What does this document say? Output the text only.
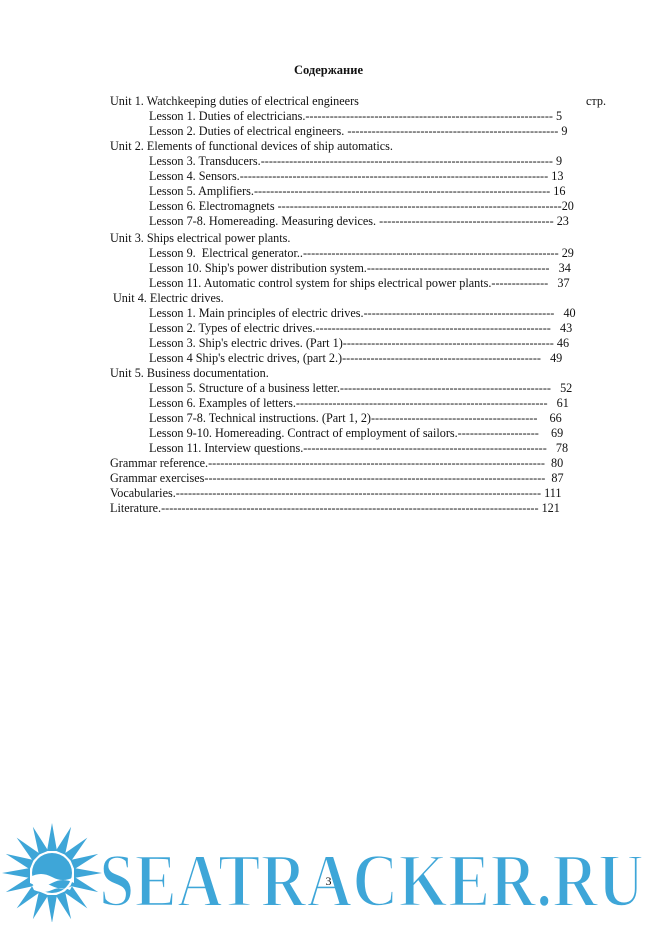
Содержание
Unit 1. Watchkeeping duties of electrical engineers	стр.
Lesson 1. Duties of electricians.------------------------------------------------------------- 5
Lesson 2. Duties of electrical engineers. ---------------------------------------------------- 9
Unit 2. Elements of functional devices of ship automatics.
Lesson 3. Transducers.------------------------------------------------------------------------ 9
Lesson 4. Sensors.---------------------------------------------------------------------------- 13
Lesson 5. Amplifiers.------------------------------------------------------------------------- 16
Lesson 6. Electromagnets ----------------------------------------------------------------------20
Lesson 7-8. Homereading. Measuring devices. ------------------------------------------- 23
Unit 3. Ships electrical power plants.
Lesson 9.  Electrical generator..--------------------------------------------------------------- 29
Lesson 10. Ship's power distribution system.---------------------------------------------   34
Lesson 11. Automatic control system for ships electrical power plants.--------------   37
Unit 4. Electric drives.
Lesson 1. Main principles of electric drives.-----------------------------------------------   40
Lesson 2. Types of electric drives.----------------------------------------------------------   43
Lesson 3. Ship's electric drives. (Part 1)---------------------------------------------------- 46
Lesson 4 Ship's electric drives, (part 2.)-------------------------------------------------   49
Unit 5. Business documentation.
Lesson 5. Structure of a business letter.----------------------------------------------------   52
Lesson 6. Examples of letters.--------------------------------------------------------------   61
Lesson 7-8. Technical instructions. (Part 1, 2)-----------------------------------------    66
Lesson 9-10. Homereading. Contract of employment of sailors.--------------------    69
Lesson 11. Interview questions.------------------------------------------------------------   78
Grammar reference.-----------------------------------------------------------------------------------  80
Grammar exercises------------------------------------------------------------------------------------  87
Vocabularies.------------------------------------------------------------------------------------------ 111
Literature.--------------------------------------------------------------------------------------------- 121
SEATRACKER.RU
3
